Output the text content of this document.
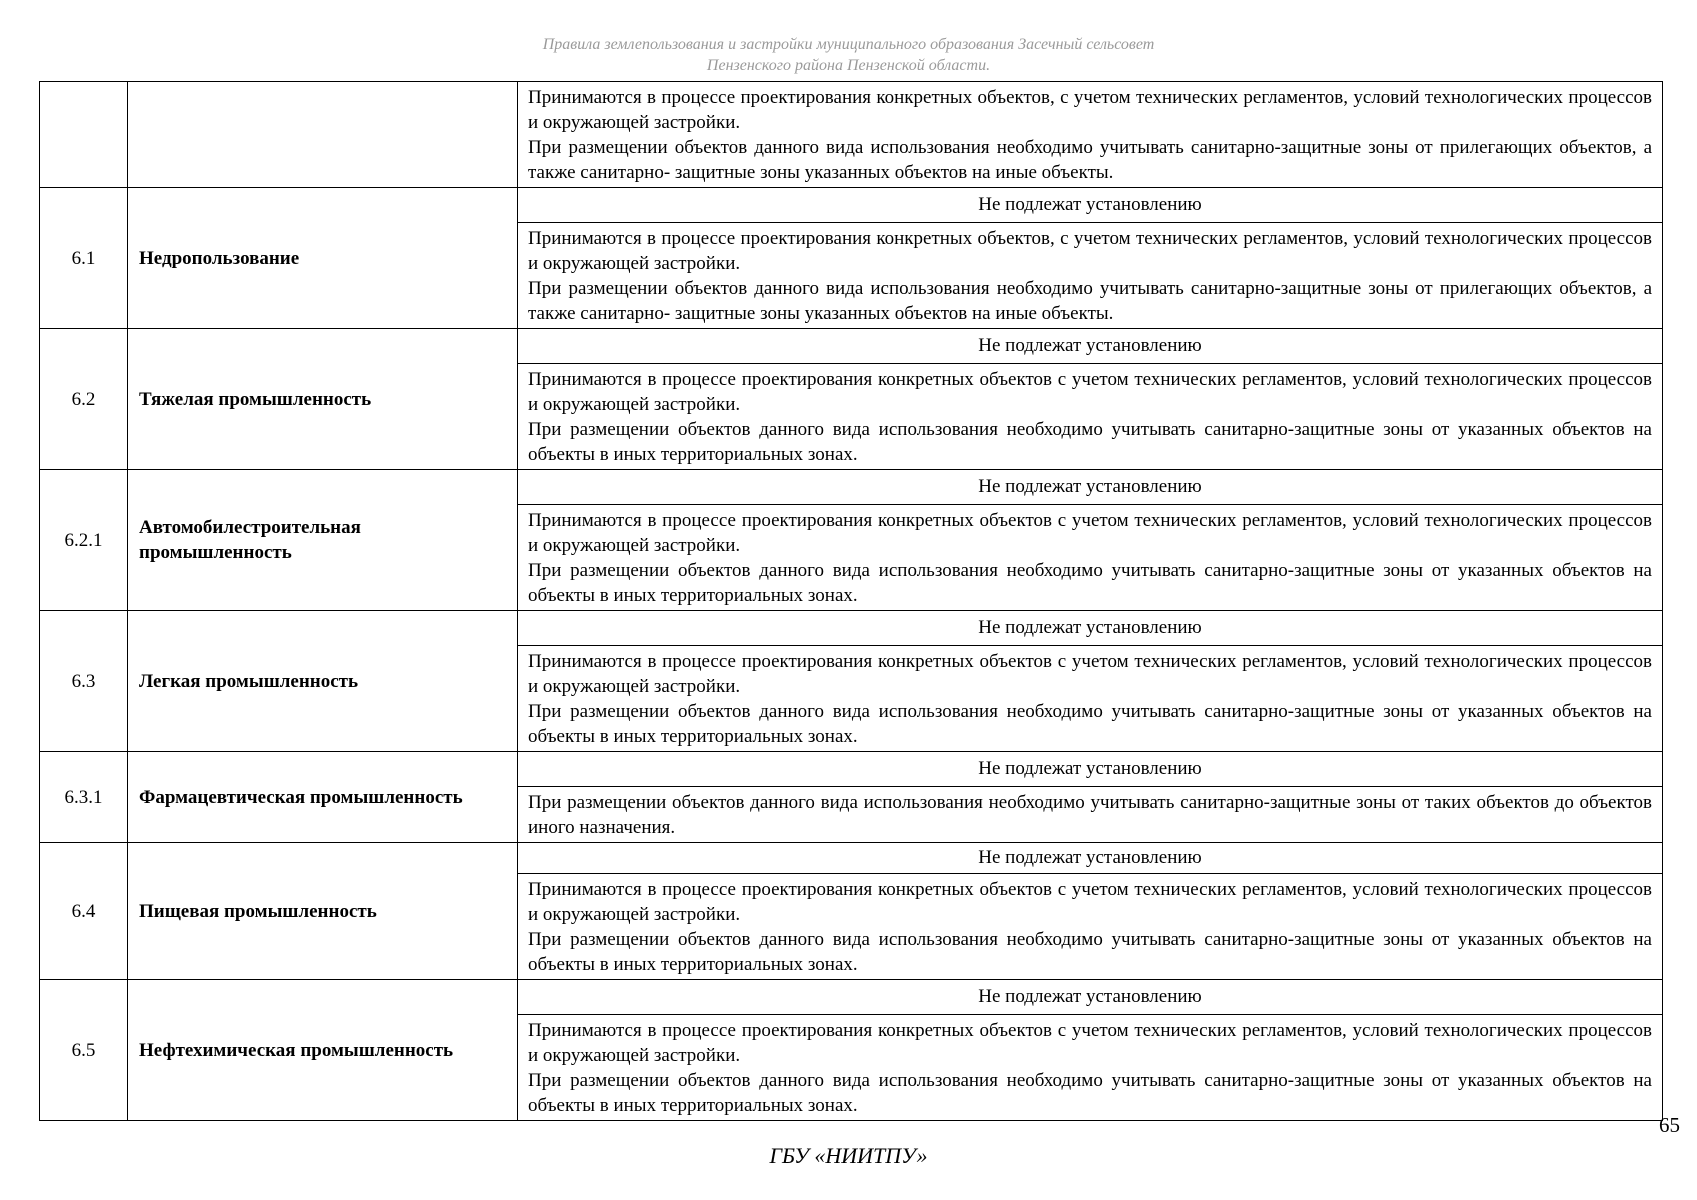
Правила землепользования и застройки муниципального образования Засечный сельсовет
Пензенского района Пензенской области.

		Принимаются в процессе проектирования конкретных объектов, с учетом технических регламентов, условий технологических процессов и окружающей застройки.

При размещении объектов данного вида использования необходимо учитывать санитарно-защитные зоны от прилегающих объектов, а также санитарно- защитные зоны указанных объектов на иные объекты.

6.1	Недропользование	Не подлежат установлению

Принимаются в процессе проектирования конкретных объектов, с учетом технических регламентов, условий технологических процессов и окружающей застройки.

При размещении объектов данного вида использования необходимо учитывать санитарно-защитные зоны от прилегающих объектов, а также санитарно- защитные зоны указанных объектов на иные объекты.

6.2	Тяжелая промышленность	Не подлежат установлению

Принимаются в процессе проектирования конкретных объектов с учетом технических регламентов, условий технологических процессов и окружающей застройки.

При размещении объектов данного вида использования необходимо учитывать санитарно-защитные зоны от указанных объектов на объекты в иных территориальных зонах.

6.2.1	Автомобилестроительная промышленность	Не подлежат установлению

Принимаются в процессе проектирования конкретных объектов с учетом технических регламентов, условий технологических процессов и окружающей застройки.

При размещении объектов данного вида использования необходимо учитывать санитарно-защитные зоны от указанных объектов на объекты в иных территориальных зонах.

6.3	Легкая промышленность	Не подлежат установлению

Принимаются в процессе проектирования конкретных объектов с учетом технических регламентов, условий технологических процессов и окружающей застройки.

При размещении объектов данного вида использования необходимо учитывать санитарно-защитные зоны от указанных объектов на объекты в иных территориальных зонах.

6.3.1	Фармацевтическая промышленность	Не подлежат установлению

При размещении объектов данного вида использования необходимо учитывать санитарно-защитные зоны от таких объектов до объектов иного назначения.

6.4	Пищевая промышленность	Не подлежат установлению

Принимаются в процессе проектирования конкретных объектов с учетом технических регламентов, условий технологических процессов и окружающей застройки.

При размещении объектов данного вида использования необходимо учитывать санитарно-защитные зоны от указанных объектов на объекты в иных территориальных зонах.

6.5	Нефтехимическая промышленность	Не подлежат установлению

Принимаются в процессе проектирования конкретных объектов с учетом технических регламентов, условий технологических процессов и окружающей застройки.

При размещении объектов данного вида использования необходимо учитывать санитарно-защитные зоны от указанных объектов на объекты в иных территориальных зонах.

65
ГБУ «НИИТПУ»
